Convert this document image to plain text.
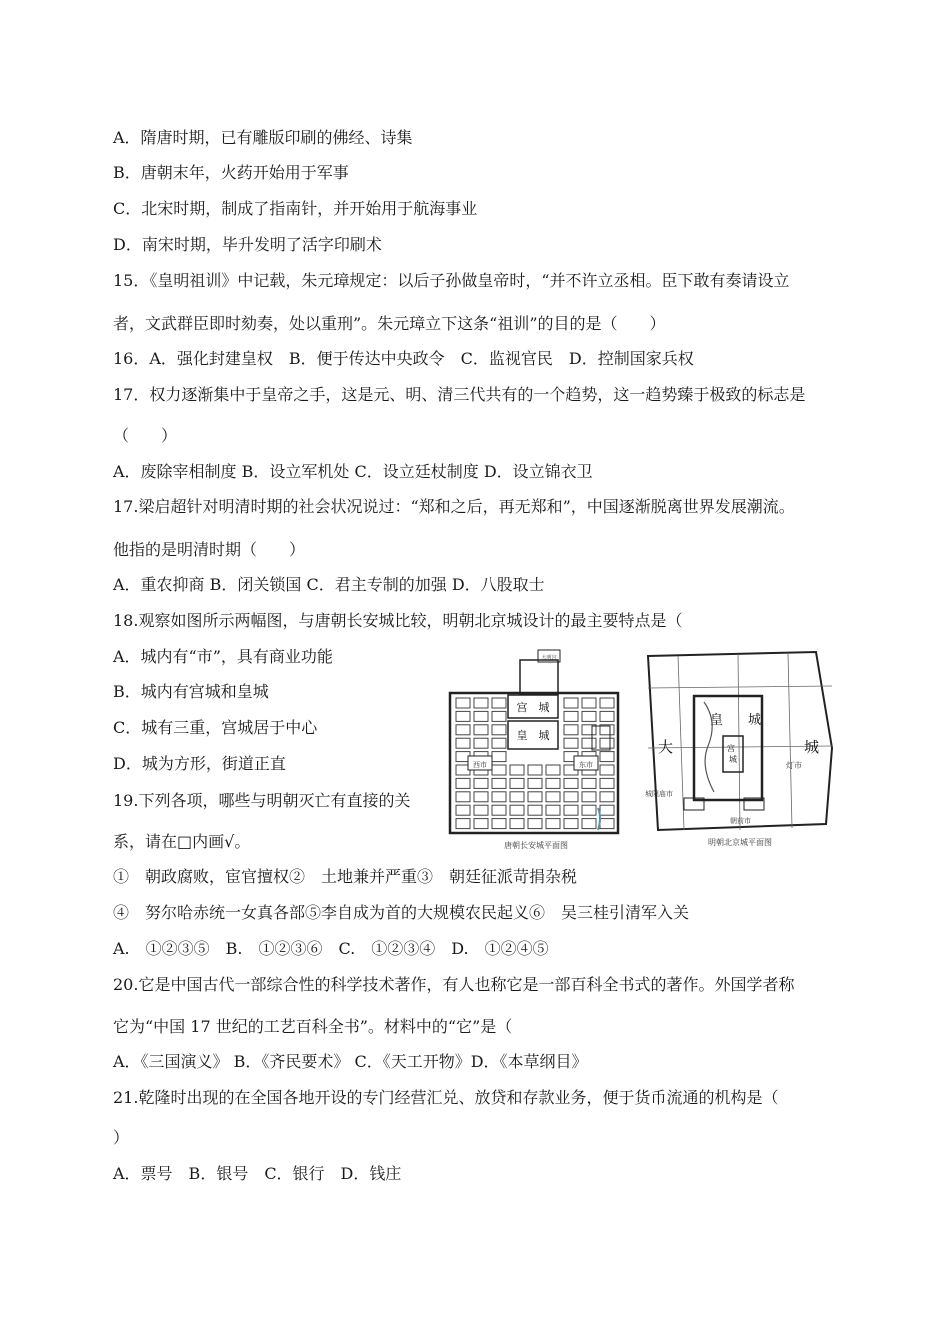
A．隋唐时期，已有雕版印刷的佛经、诗集
B．唐朝末年，火药开始用于军事
C．北宋时期，制成了指南针，并开始用于航海事业
D．南宋时期，毕升发明了活字印刷术
15．《皇明祖训》中记载，朱元璋规定：以后子孙做皇帝时，“并不许立丞相。臣下敢有奏请设立
者，文武群臣即时劾奏，处以重刑”。朱元璋立下这条“祖训”的目的是（　　）
16．A．强化封建皇权　B．便于传达中央政令　C．监视官民　D．控制国家兵权
17．权力逐渐集中于皇帝之手，这是元、明、清三代共有的一个趋势，这一趋势臻于极致的标志是
（　　）
A．废除宰相制度 B．设立军机处 C．设立廷杖制度 D．设立锦衣卫
17.梁启超针对明清时期的社会状况说过：“郑和之后，再无郑和”，中国逐渐脱离世界发展潮流。
他指的是明清时期（　　）
A．重农抑商 B．闭关锁国 C．君主专制的加强 D．八股取士
18.观察如图所示两幅图，与唐朝长安城比较，明朝北京城设计的最主要特点是（
A．城内有“市”，具有商业功能
B．城内有宫城和皇城
C．城有三重，宫城居于中心
D．城为方形，街道正直
19.下列各项，哪些与明朝灭亡有直接的关
系，请在□内画√。
①　朝政腐败，宦官擅权②　土地兼并严重③　朝廷征派苛捐杂税
④　努尔哈赤统一女真各部⑤李自成为首的大规模农民起义⑥　吴三桂引清军入关
A.　①②③⑤　B.　①②③⑥　C.　①②③④　D.　①②④⑤
20.它是中国古代一部综合性的科学技术著作，有人也称它是一部百科全书式的著作。外国学者称
它为“中国 17 世纪的工艺百科全书”。材料中的“它”是（
A．《三国演义》 B．《齐民要术》 C．《天工开物》D．《本草纲目》
21.乾隆时出现的在全国各地开设的专门经营汇兑、放贷和存款业务，便于货币流通的机构是（
）
A．票号　B．银号　C．银行　D．钱庄
宫　城
皇　城
西市	东市
大明宫
唐朝长安城平面图
皇 城
大	城
宫
城
灯市
城隍庙市
朝前市
明朝北京城平面图
